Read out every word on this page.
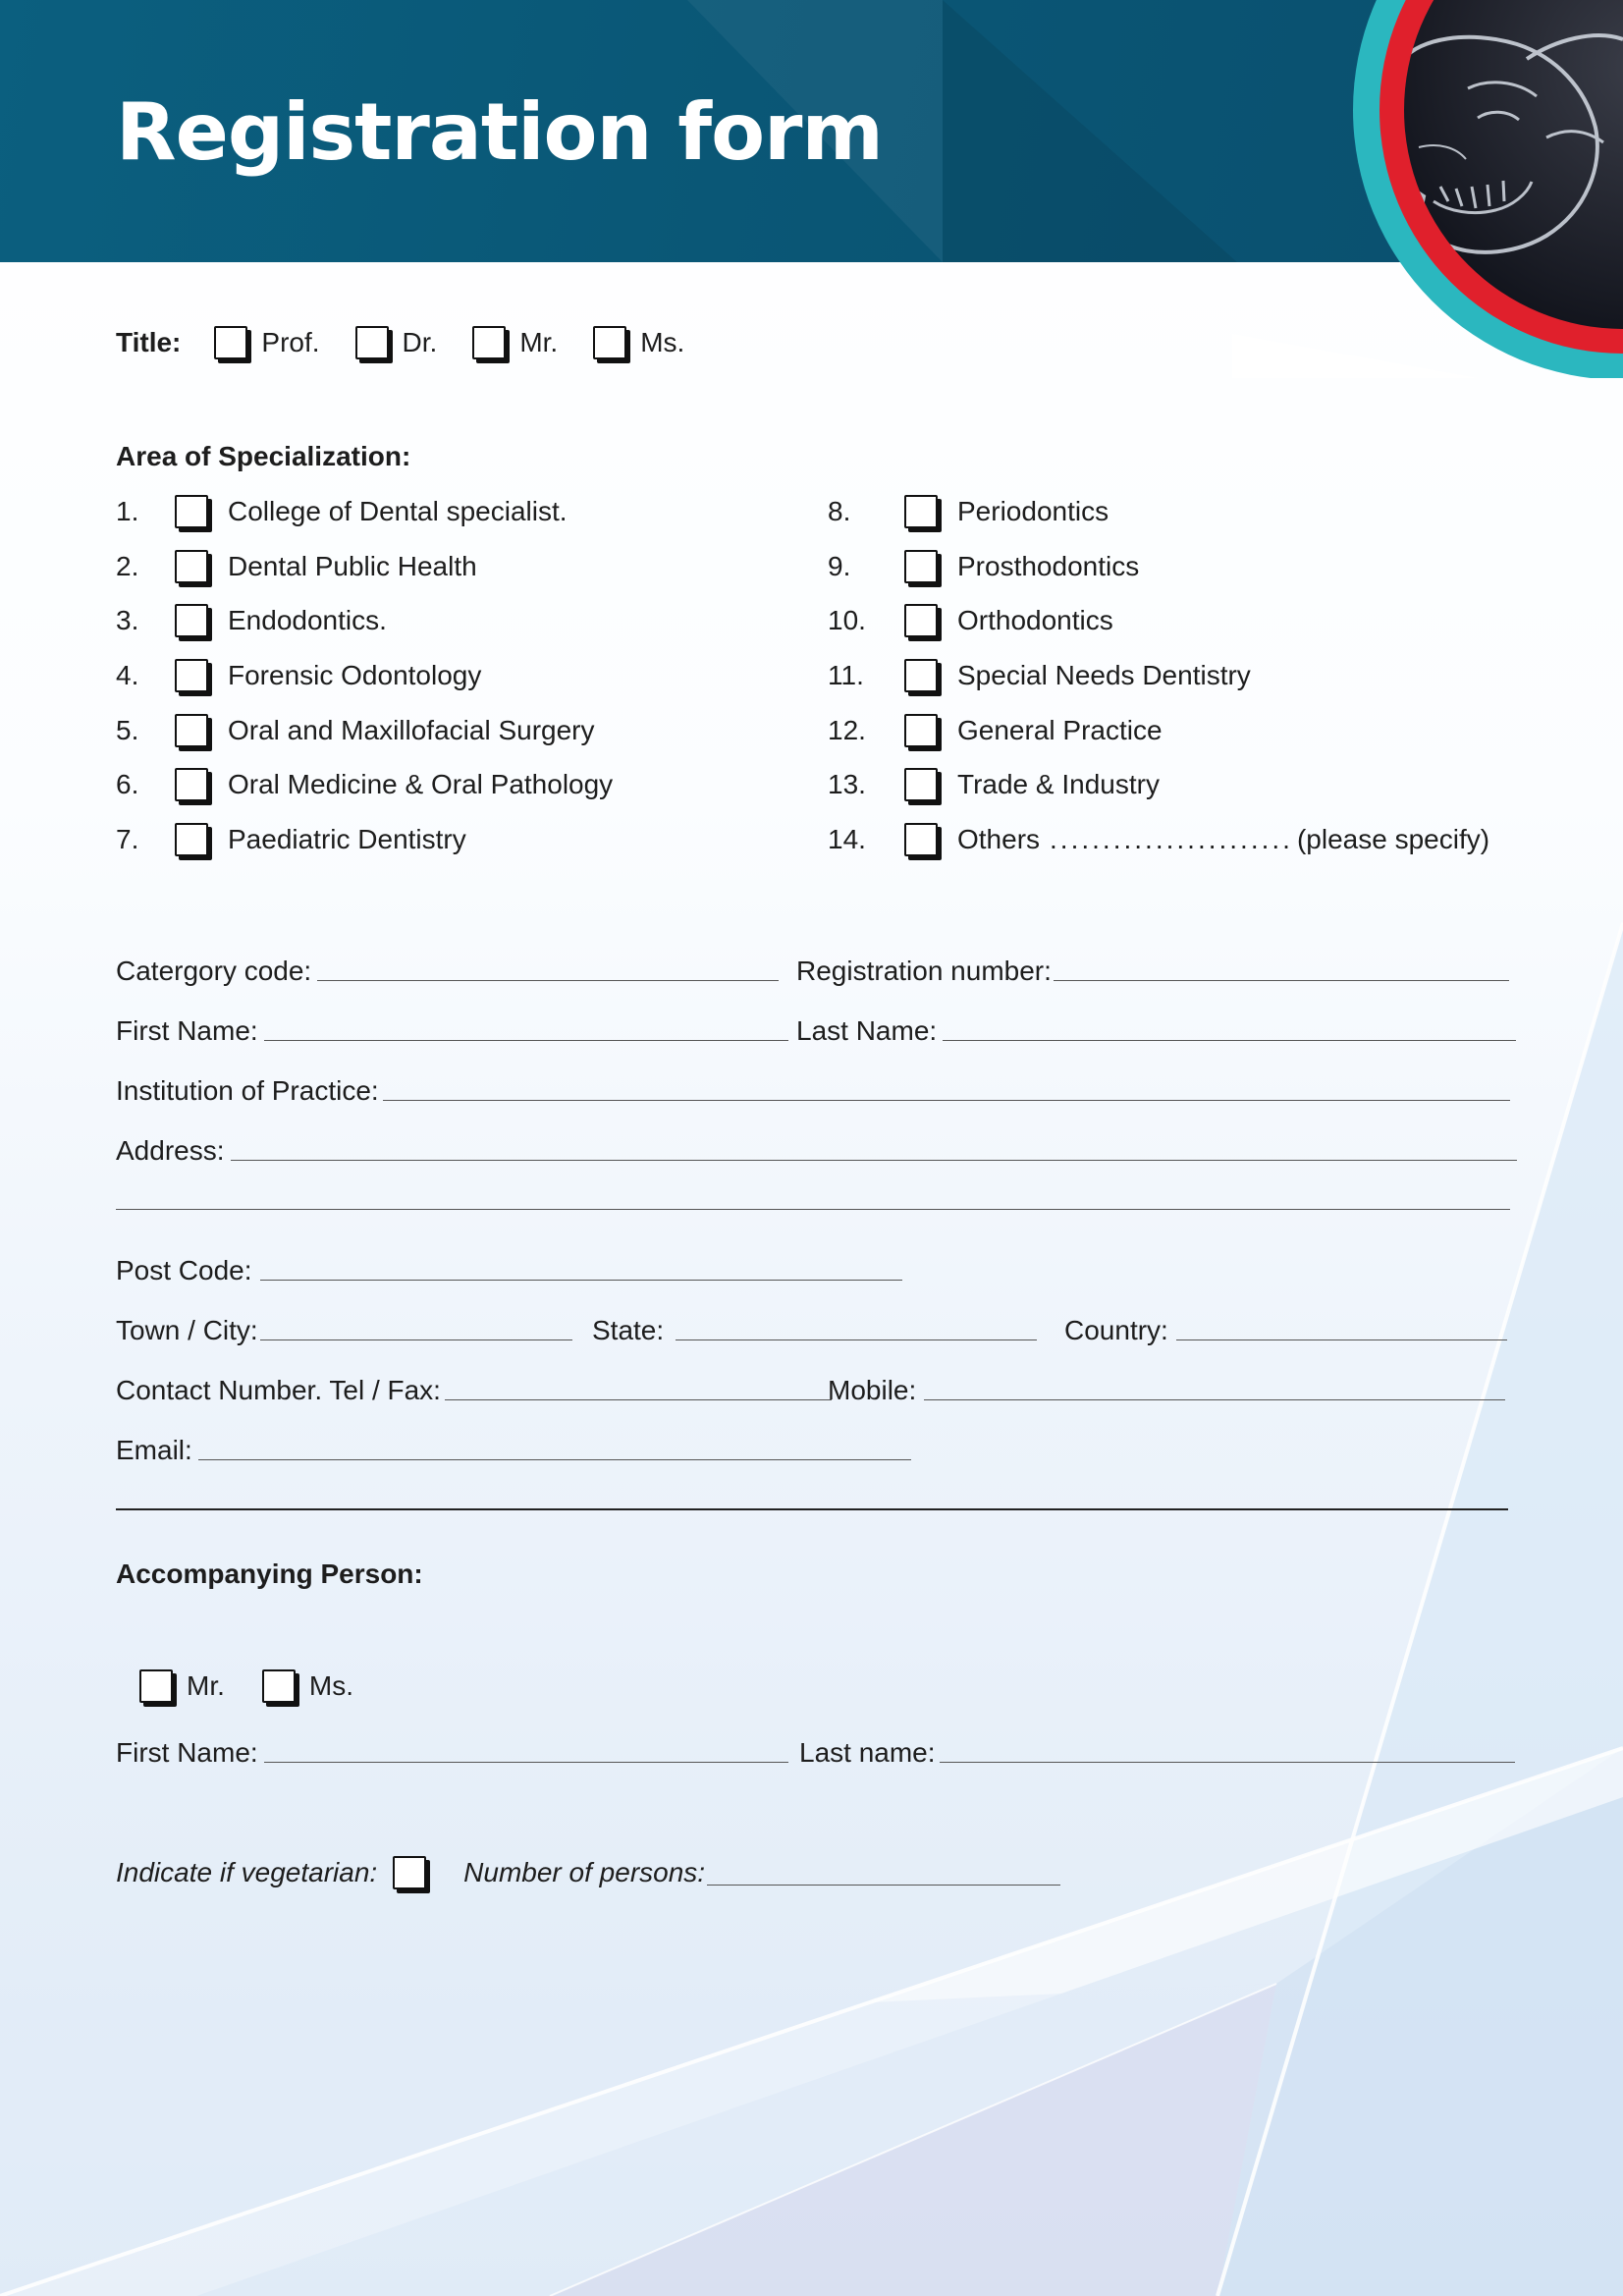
Registration form
Title:	Prof.	Dr.	Mr.	Ms.
Area of Specialization:
1.	College of Dental specialist.
2.	Dental Public Health
3.	Endodontics.
4.	Forensic Odontology
5.	Oral and Maxillofacial Surgery
6.	Oral Medicine & Oral Pathology
7.	Paediatric Dentistry
8.	Periodontics
9.	Prosthodontics
10.	Orthodontics
11.	Special Needs Dentistry
12.	General Practice
13.	Trade & Industry
14.	Others ....................... (please specify)
Catergory code:	Registration number:
First Name:	Last Name:
Institution of Practice:
Address:
Post Code:
Town / City:	State:	Country:
Contact Number. Tel / Fax:	Mobile:
Email:
Accompanying Person:
Mr.	Ms.
First Name:	Last name:
Indicate if vegetarian:	Number of persons:
